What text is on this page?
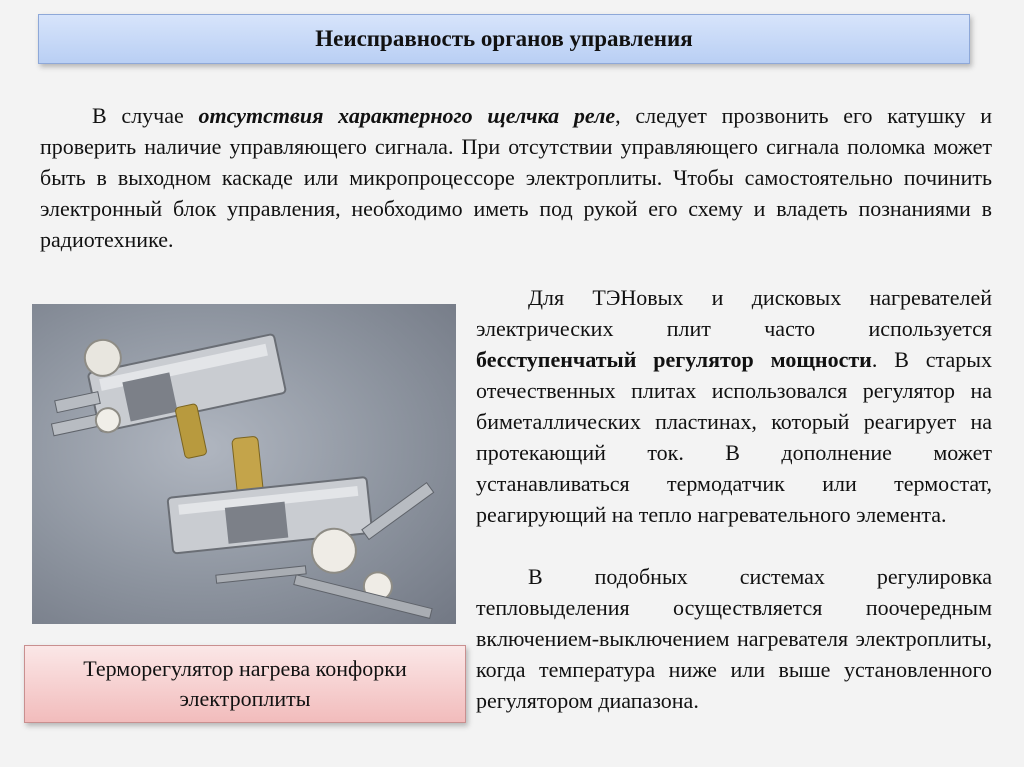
Неисправность органов управления

В случае отсутствия характерного щелчка реле, следует прозвонить его катушку и проверить наличие управляющего сигнала. При отсутствии управляющего сигнала поломка может быть в выходном каскаде или микропроцессоре электроплиты. Чтобы самостоятельно починить электронный блок управления, необходимо иметь под рукой его схему и владеть познаниями в радиотехнике.

Терморегулятор нагрева конфорки электроплиты

Для ТЭНовых и дисковых нагревателей электрических плит часто используется бесступенчатый регулятор мощности. В старых отечественных плитах использовался регулятор на биметаллических пластинах, который реагирует на протекающий ток. В дополнение может устанавливаться термодатчик или термостат, реагирующий на тепло нагревательного элемента.

В подобных системах регулировка тепловыделения осуществляется поочередным включением-выключением нагревателя электроплиты, когда температура ниже или выше установленного регулятором диапазона.
